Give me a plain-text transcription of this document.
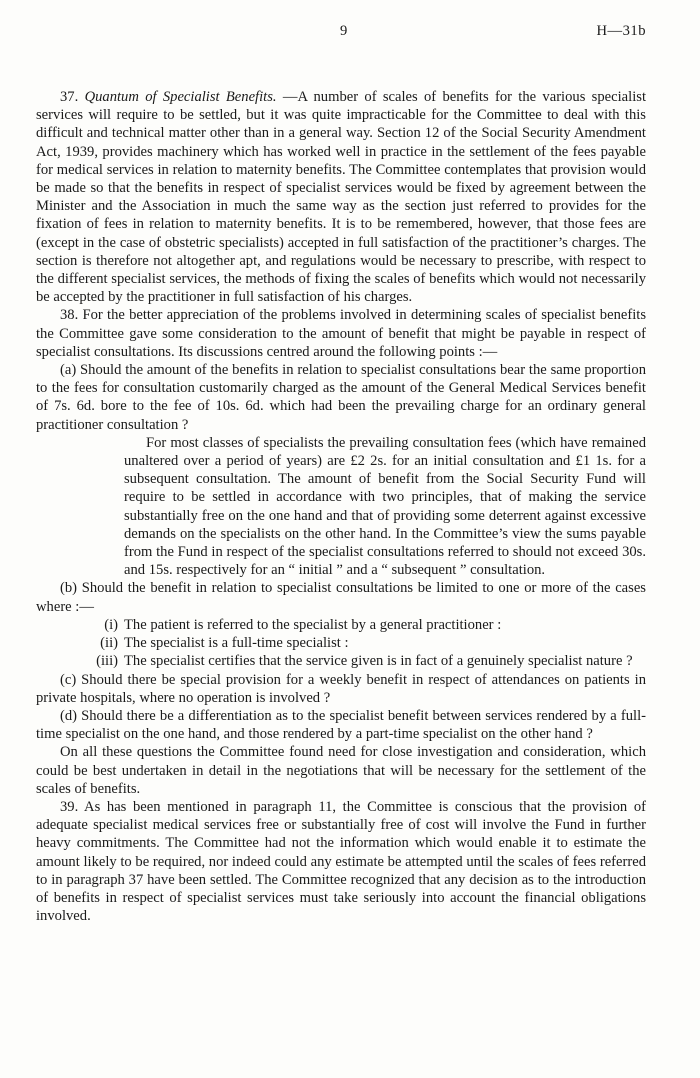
9	H—31b

37. Quantum of Specialist Benefits. —A number of scales of benefits for the various specialist services will require to be settled, but it was quite impracticable for the Committee to deal with this difficult and technical matter other than in a general way. Section 12 of the Social Security Amendment Act, 1939, provides machinery which has worked well in practice in the settlement of the fees payable for medical services in relation to maternity benefits. The Committee contemplates that provision would be made so that the benefits in respect of specialist services would be fixed by agreement between the Minister and the Association in much the same way as the section just referred to provides for the fixation of fees in relation to maternity benefits. It is to be remembered, however, that those fees are (except in the case of obstetric specialists) accepted in full satisfaction of the practitioner’s charges. The section is therefore not altogether apt, and regulations would be necessary to prescribe, with respect to the different specialist services, the methods of fixing the scales of benefits which would not necessarily be accepted by the practitioner in full satisfaction of his charges.

38. For the better appreciation of the problems involved in determining scales of specialist benefits the Committee gave some consideration to the amount of benefit that might be payable in respect of specialist consultations. Its discussions centred around the following points :—

(a) Should the amount of the benefits in relation to specialist consultations bear the same proportion to the fees for consultation customarily charged as the amount of the General Medical Services benefit of 7s. 6d. bore to the fee of 10s. 6d. which had been the prevailing charge for an ordinary general practitioner consultation ?

For most classes of specialists the prevailing consultation fees (which have remained unaltered over a period of years) are £2 2s. for an initial consultation and £1 1s. for a subsequent consultation. The amount of benefit from the Social Security Fund will require to be settled in accordance with two principles, that of making the service substantially free on the one hand and that of providing some deterrent against excessive demands on the specialists on the other hand. In the Committee’s view the sums payable from the Fund in respect of the specialist consultations referred to should not exceed 30s. and 15s. respectively for an “ initial ” and a “ subsequent ” consultation.

(b) Should the benefit in relation to specialist consultations be limited to one or more of the cases where :—

(i) The patient is referred to the specialist by a general practitioner :
(ii) The specialist is a full-time specialist :
(iii) The specialist certifies that the service given is in fact of a genuinely specialist nature ?

(c) Should there be special provision for a weekly benefit in respect of attendances on patients in private hospitals, where no operation is involved ?

(d) Should there be a differentiation as to the specialist benefit between services rendered by a full-time specialist on the one hand, and those rendered by a part-time specialist on the other hand ?

On all these questions the Committee found need for close investigation and consideration, which could be best undertaken in detail in the negotiations that will be necessary for the settlement of the scales of benefits.

39. As has been mentioned in paragraph 11, the Committee is conscious that the provision of adequate specialist medical services free or substantially free of cost will involve the Fund in further heavy commitments. The Committee had not the information which would enable it to estimate the amount likely to be required, nor indeed could any estimate be attempted until the scales of fees referred to in paragraph 37 have been settled. The Committee recognized that any decision as to the introduction of benefits in respect of specialist services must take seriously into account the financial obligations involved.
